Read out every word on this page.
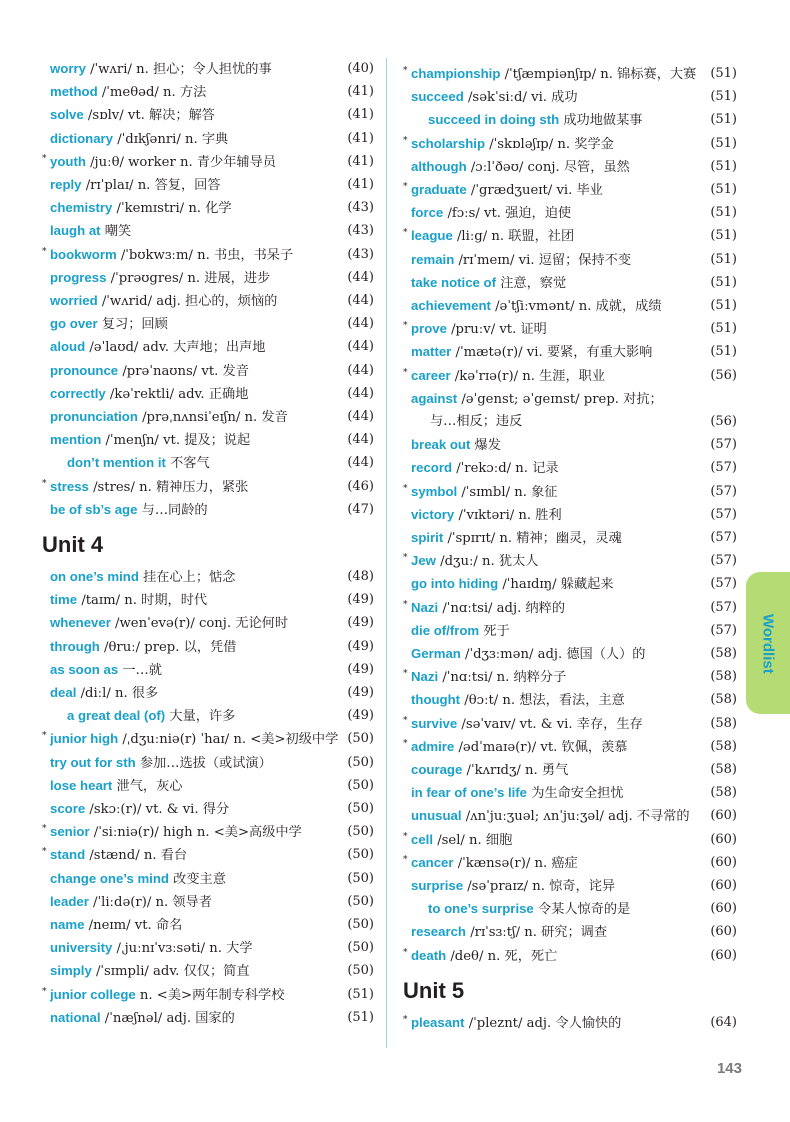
worry /ˈwʌri/ n. 担心；令人担忧的事	(40)
method /ˈmeθəd/ n. 方法	(41)
solve /sɒlv/ vt. 解决；解答	(41)
dictionary /ˈdɪkʃənri/ n. 字典	(41)
* youth /juːθ/ worker n. 青少年辅导员	(41)
reply /rɪˈplaɪ/ n. 答复，回答	(41)
chemistry /ˈkemɪstri/ n. 化学	(43)
laugh at 嘲笑	(43)
* bookworm /ˈbʊkwɜːm/ n. 书虫，书呆子	(43)
progress /ˈprəʊgres/ n. 进展，进步	(44)
worried /ˈwʌrid/ adj. 担心的，烦恼的	(44)
go over 复习；回顾	(44)
aloud /əˈlaʊd/ adv. 大声地；出声地	(44)
pronounce /prəˈnaʊns/ vt. 发音	(44)
correctly /kəˈrektli/ adv. 正确地	(44)
pronunciation /prəˌnʌnsiˈeɪʃn/ n. 发音	(44)
mention /ˈmenʃn/ vt. 提及；说起	(44)
don’t mention it 不客气	(44)
* stress /stres/ n. 精神压力，紧张	(46)
be of sb’s age 与…同龄的	(47)
Unit 4
on one’s mind 挂在心上；惦念	(48)
time /taɪm/ n. 时期，时代	(49)
whenever /wenˈevə(r)/ conj. 无论何时	(49)
through /θruː/ prep. 以，凭借	(49)
as soon as 一…就	(49)
deal /diːl/ n. 很多	(49)
a great deal (of) 大量，许多	(49)
* junior high /ˌdʒuːniə(r) ˈhaɪ/ n. <美>初级中学 (50)
try out for sth 参加…选拔（或试演）	(50)
lose heart 泄气，灰心	(50)
score /skɔː(r)/ vt. & vi. 得分	(50)
* senior /ˈsiːniə(r)/ high n. <美>高级中学	(50)
* stand /stænd/ n. 看台	(50)
change one’s mind 改变主意	(50)
leader /ˈliːdə(r)/ n. 领导者	(50)
name /neɪm/ vt. 命名	(50)
university /ˌjuːnɪˈvɜːsəti/ n. 大学	(50)
simply /ˈsɪmpli/ adv. 仅仅；简直	(50)
* junior college n. <美>两年制专科学校	(51)
national /ˈnæʃnəl/ adj. 国家的	(51)
* championship /ˈtʃæmpiənʃɪp/ n. 锦标赛，大赛	(51)
succeed /səkˈsiːd/ vi. 成功	(51)
succeed in doing sth 成功地做某事	(51)
* scholarship /ˈskɒləʃɪp/ n. 奖学金	(51)
although /ɔːlˈðəʊ/ conj. 尽管，虽然	(51)
* graduate /ˈgrædʒueɪt/ vi. 毕业	(51)
force /fɔːs/ vt. 强迫，迫使	(51)
* league /liːg/ n. 联盟，社团	(51)
remain /rɪˈmeɪn/ vi. 逗留；保持不变	(51)
take notice of 注意，察觉	(51)
achievement /əˈtʃiːvmənt/ n. 成就，成绩	(51)
* prove /pruːv/ vt. 证明	(51)
matter /ˈmætə(r)/ vi. 要紧，有重大影响	(51)
* career /kəˈrɪə(r)/ n. 生涯，职业	(56)
against /əˈgenst; əˈgeɪnst/ prep. 对抗；
与…相反；违反	(56)
break out 爆发	(57)
record /ˈrekɔːd/ n. 记录	(57)
* symbol /ˈsɪmbl/ n. 象征	(57)
victory /ˈvɪktəri/ n. 胜利	(57)
spirit /ˈspɪrɪt/ n. 精神；幽灵，灵魂	(57)
* Jew /dʒuː/ n. 犹太人	(57)
go into hiding /ˈhaɪdɪŋ/ 躲藏起来	(57)
* Nazi /ˈnɑːtsi/ adj. 纳粹的	(57)
die of/from 死于	(57)
German /ˈdʒɜːmən/ adj. 德国（人）的	(58)
* Nazi /ˈnɑːtsi/ n. 纳粹分子	(58)
thought /θɔːt/ n. 想法，看法，主意	(58)
* survive /səˈvaɪv/ vt. & vi. 幸存，生存	(58)
* admire /ədˈmaɪə(r)/ vt. 钦佩，羡慕	(58)
courage /ˈkʌrɪdʒ/ n. 勇气	(58)
in fear of one’s life 为生命安全担忧	(58)
unusual /ʌnˈjuːʒuəl; ʌnˈjuːʒəl/ adj. 不寻常的	(60)
* cell /sel/ n. 细胞	(60)
* cancer /ˈkænsə(r)/ n. 癌症	(60)
surprise /səˈpraɪz/ n. 惊奇，诧异	(60)
to one’s surprise 令某人惊奇的是	(60)
research /rɪˈsɜːtʃ/ n. 研究；调查	(60)
* death /deθ/ n. 死，死亡	(60)
Unit 5
* pleasant /ˈpleznt/ adj. 令人愉快的	(64)
Wordlist
143
